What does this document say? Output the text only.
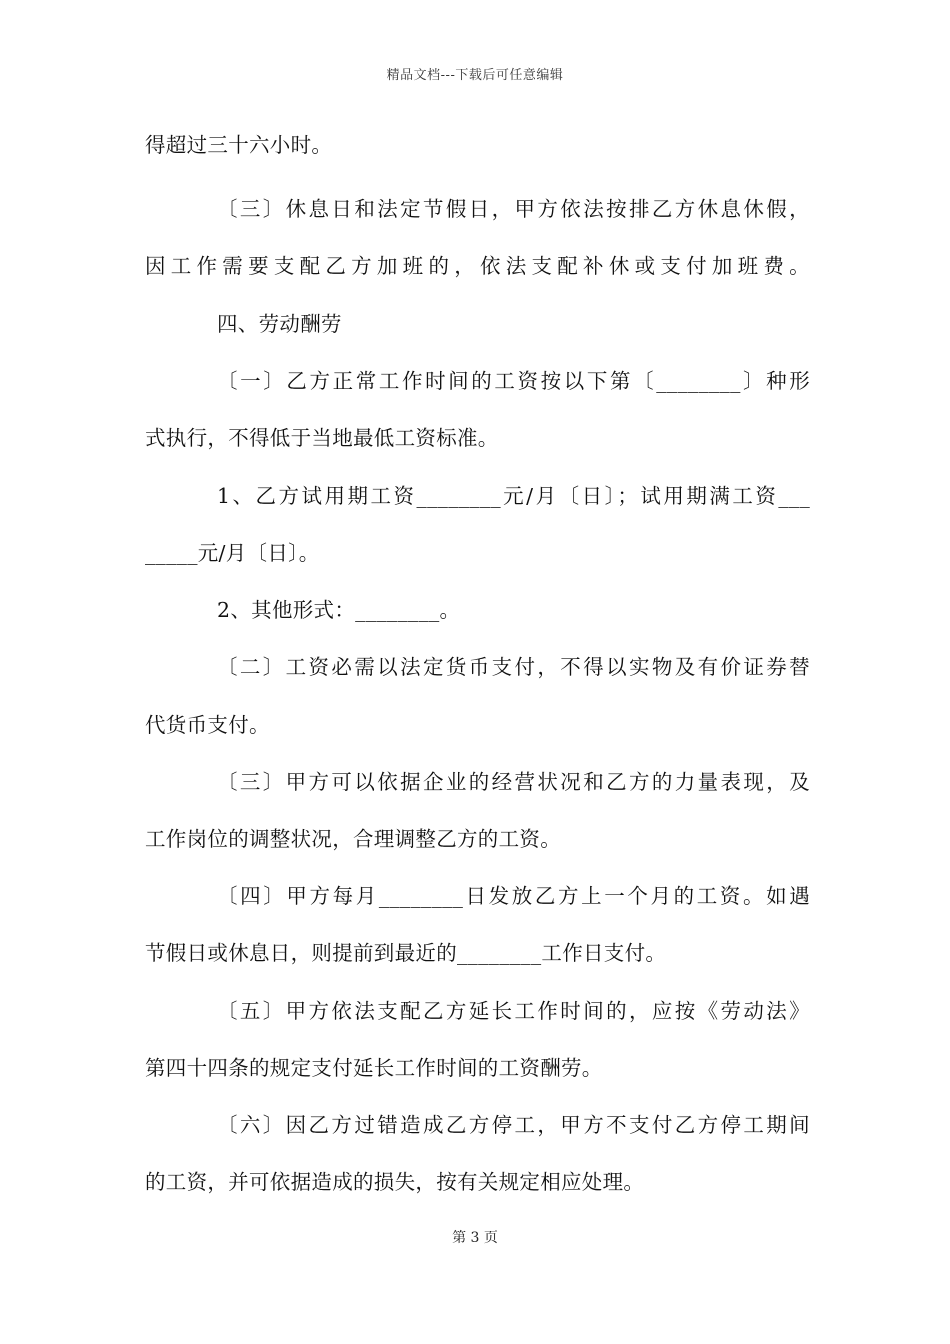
精品文档---下载后可任意编辑
得超过三十六小时。
〔三〕休息日和法定节假日，甲方依法按排乙方休息休假，
因工作需要支配乙方加班的，依法支配补休或支付加班费。
四、劳动酬劳
〔一〕乙方正常工作时间的工资按以下第〔________〕种形
式执行，不得低于当地最低工资标准。
1、乙方试用期工资________元/月〔日〕；试用期满工资___
_____元/月〔日〕。
2、其他形式：________。
〔二〕工资必需以法定货币支付，不得以实物及有价证券替
代货币支付。
〔三〕甲方可以依据企业的经营状况和乙方的力量表现，及
工作岗位的调整状况，合理调整乙方的工资。
〔四〕甲方每月________日发放乙方上一个月的工资。如遇
节假日或休息日，则提前到最近的________工作日支付。
〔五〕甲方依法支配乙方延长工作时间的，应按《劳动法》
第四十四条的规定支付延长工作时间的工资酬劳。
〔六〕因乙方过错造成乙方停工，甲方不支付乙方停工期间
的工资，并可依据造成的损失，按有关规定相应处理。
第 3 页
